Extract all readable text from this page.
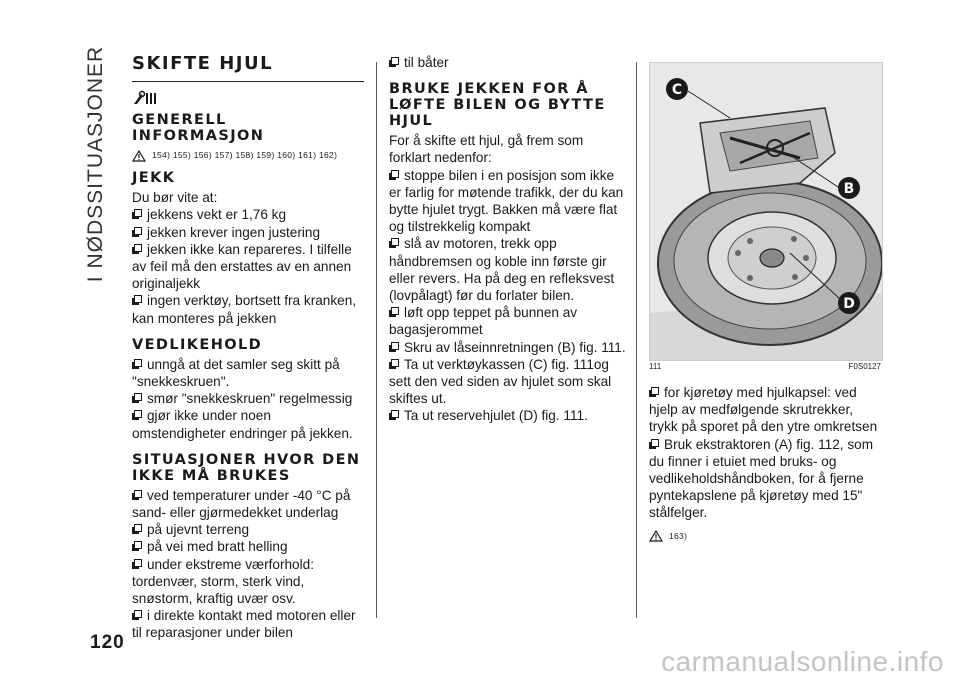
I NØDSSITUASJONER SKIFTE HJUL
GENERELL INFORMASJON
154) 155) 156) 157) 158) 159) 160) 161) 162)
JEKK

Du bør vite at:

jekkens vekt er 1,76 kg
jekken krever ingen justering
jekken ikke kan repareres. I tilfelle av feil må den erstattes av en annen originaljekk
ingen verktøy, bortsett fra kranken, kan monteres på jekken
VEDLIKEHOLD
unngå at det samler seg skitt på "snekkeskruen".
smør "snekkeskruen" regelmessig
gjør ikke under noen omstendigheter endringer på jekken.
SITUASJONER HVOR DEN IKKE MÅ BRUKES
ved temperaturer under -40 °C på sand- eller gjørmedekket underlag
på ujevnt terreng
på vei med bratt helling
under ekstreme værforhold: tordenvær, storm, sterk vind, snøstorm, kraftig uvær osv.
i direkte kontakt med motoren eller til reparasjoner under bilen
til båter
BRUKE JEKKEN FOR Å LØFTE BILEN OG BYTTE HJUL

For å skifte ett hjul, gå frem som forklart nedenfor:

stoppe bilen i en posisjon som ikke er farlig for møtende trafikk, der du kan bytte hjulet trygt. Bakken må være flat og tilstrekkelig kompakt
slå av motoren, trekk opp håndbremsen og koble inn første gir eller revers. Ha på deg en refleksvest (lovpålagt) før du forlater bilen.
løft opp teppet på bunnen av bagasjerommet
Skru av låseinnretningen (B) fig. 111.
Ta ut verktøykassen (C) fig. 111og sett den ved siden av hjulet som skal skiftes ut.
Ta ut reservehjulet (D) fig. 111.
C
B
D
111	F0S0127
for kjøretøy med hjulkapsel: ved hjelp av medfølgende skrutrekker, trykk på sporet på den ytre omkretsen
Bruk ekstraktoren (A) fig. 112, som du finner i etuiet med bruks- og vedlikeholdshåndboken, for å fjerne pyntekapslene på kjøretøy med 15" stålfelger.
163)
120
carmanualsonline.info
